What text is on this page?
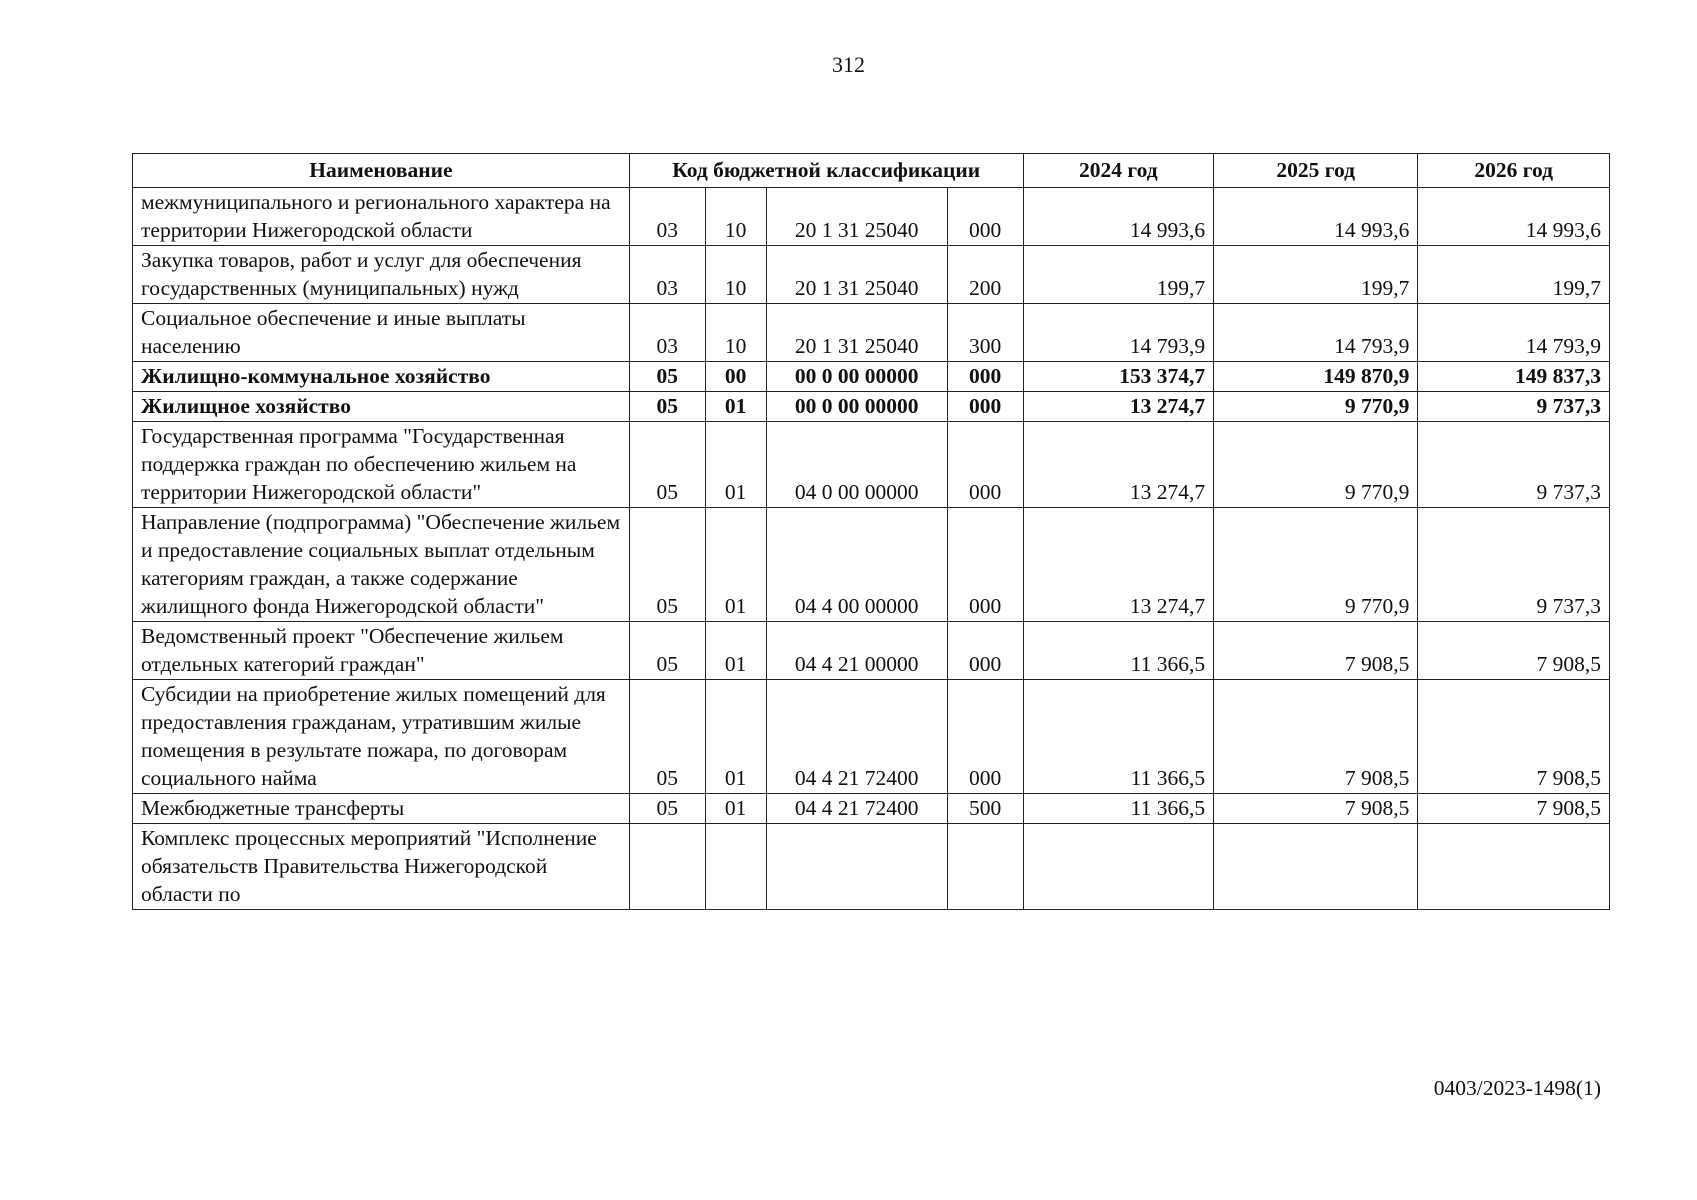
312
Наименование	Код бюджетной классификации				2024 год	2025 год	2026 год
межмуниципального и регионального характера на территории Нижегородской области	03	10	20 1 31 25040	000	14 993,6	14 993,6	14 993,6
Закупка товаров, работ и услуг для обеспечения государственных (муниципальных) нужд	03	10	20 1 31 25040	200	199,7	199,7	199,7
Социальное обеспечение и иные выплаты населению	03	10	20 1 31 25040	300	14 793,9	14 793,9	14 793,9
Жилищно-коммунальное хозяйство	05	00	00 0 00 00000	000	153 374,7	149 870,9	149 837,3
Жилищное хозяйство	05	01	00 0 00 00000	000	13 274,7	9 770,9	9 737,3
Государственная программа "Государственная поддержка граждан по обеспечению жильем на территории Нижегородской области"	05	01	04 0 00 00000	000	13 274,7	9 770,9	9 737,3
Направление (подпрограмма) "Обеспечение жильем и предоставление социальных выплат отдельным категориям граждан, а также содержание жилищного фонда Нижегородской области"	05	01	04 4 00 00000	000	13 274,7	9 770,9	9 737,3
Ведомственный проект "Обеспечение жильем отдельных категорий граждан"	05	01	04 4 21 00000	000	11 366,5	7 908,5	7 908,5
Субсидии на приобретение жилых помещений для предоставления гражданам, утратившим жилые помещения в результате пожара, по договорам социального найма	05	01	04 4 21 72400	000	11 366,5	7 908,5	7 908,5
Межбюджетные трансферты	05	01	04 4 21 72400	500	11 366,5	7 908,5	7 908,5
Комплекс процессных мероприятий "Исполнение обязательств Правительства Нижегородской области по							
0403/2023-1498(1)
